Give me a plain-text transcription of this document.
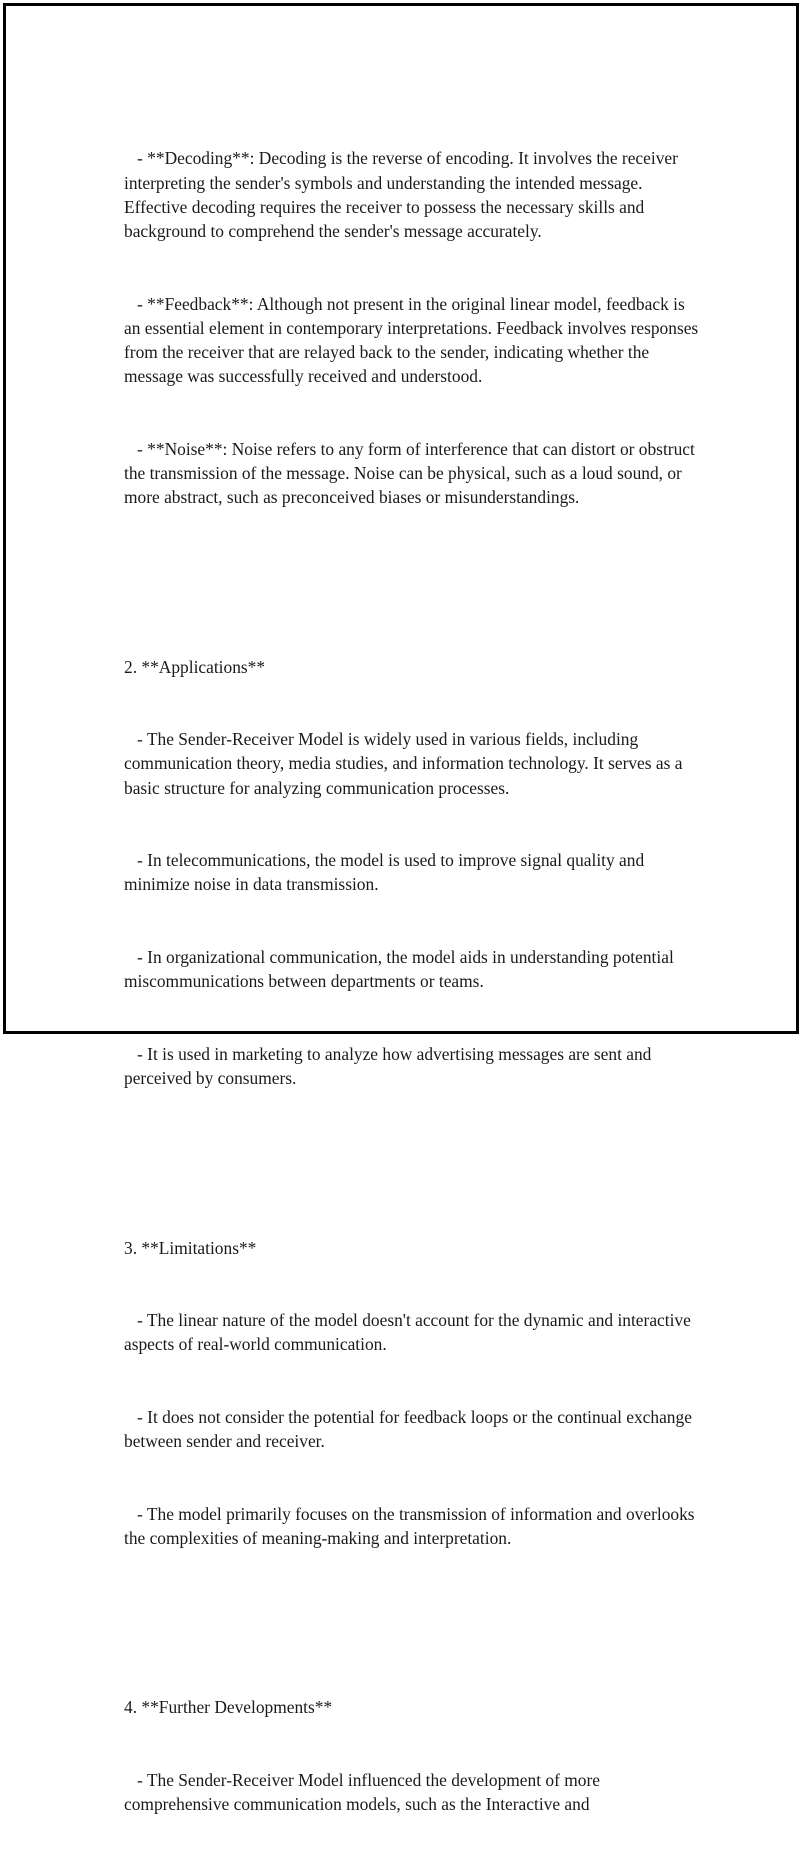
- **Decoding**: Decoding is the reverse of encoding. It involves the receiver interpreting the sender's symbols and understanding the intended message. Effective decoding requires the receiver to possess the necessary skills and background to comprehend the sender's message accurately.

- **Feedback**: Although not present in the original linear model, feedback is an essential element in contemporary interpretations. Feedback involves responses from the receiver that are relayed back to the sender, indicating whether the message was successfully received and understood.

- **Noise**: Noise refers to any form of interference that can distort or obstruct the transmission of the message. Noise can be physical, such as a loud sound, or more abstract, such as preconceived biases or misunderstandings.

2. **Applications**

- The Sender-Receiver Model is widely used in various fields, including communication theory, media studies, and information technology. It serves as a basic structure for analyzing communication processes.

- In telecommunications, the model is used to improve signal quality and minimize noise in data transmission.

- In organizational communication, the model aids in understanding potential miscommunications between departments or teams.

- It is used in marketing to analyze how advertising messages are sent and perceived by consumers.

3. **Limitations**

- The linear nature of the model doesn't account for the dynamic and interactive aspects of real-world communication.

- It does not consider the potential for feedback loops or the continual exchange between sender and receiver.

- The model primarily focuses on the transmission of information and overlooks the complexities of meaning-making and interpretation.

4. **Further Developments**

- The Sender-Receiver Model influenced the development of more comprehensive communication models, such as the Interactive and
